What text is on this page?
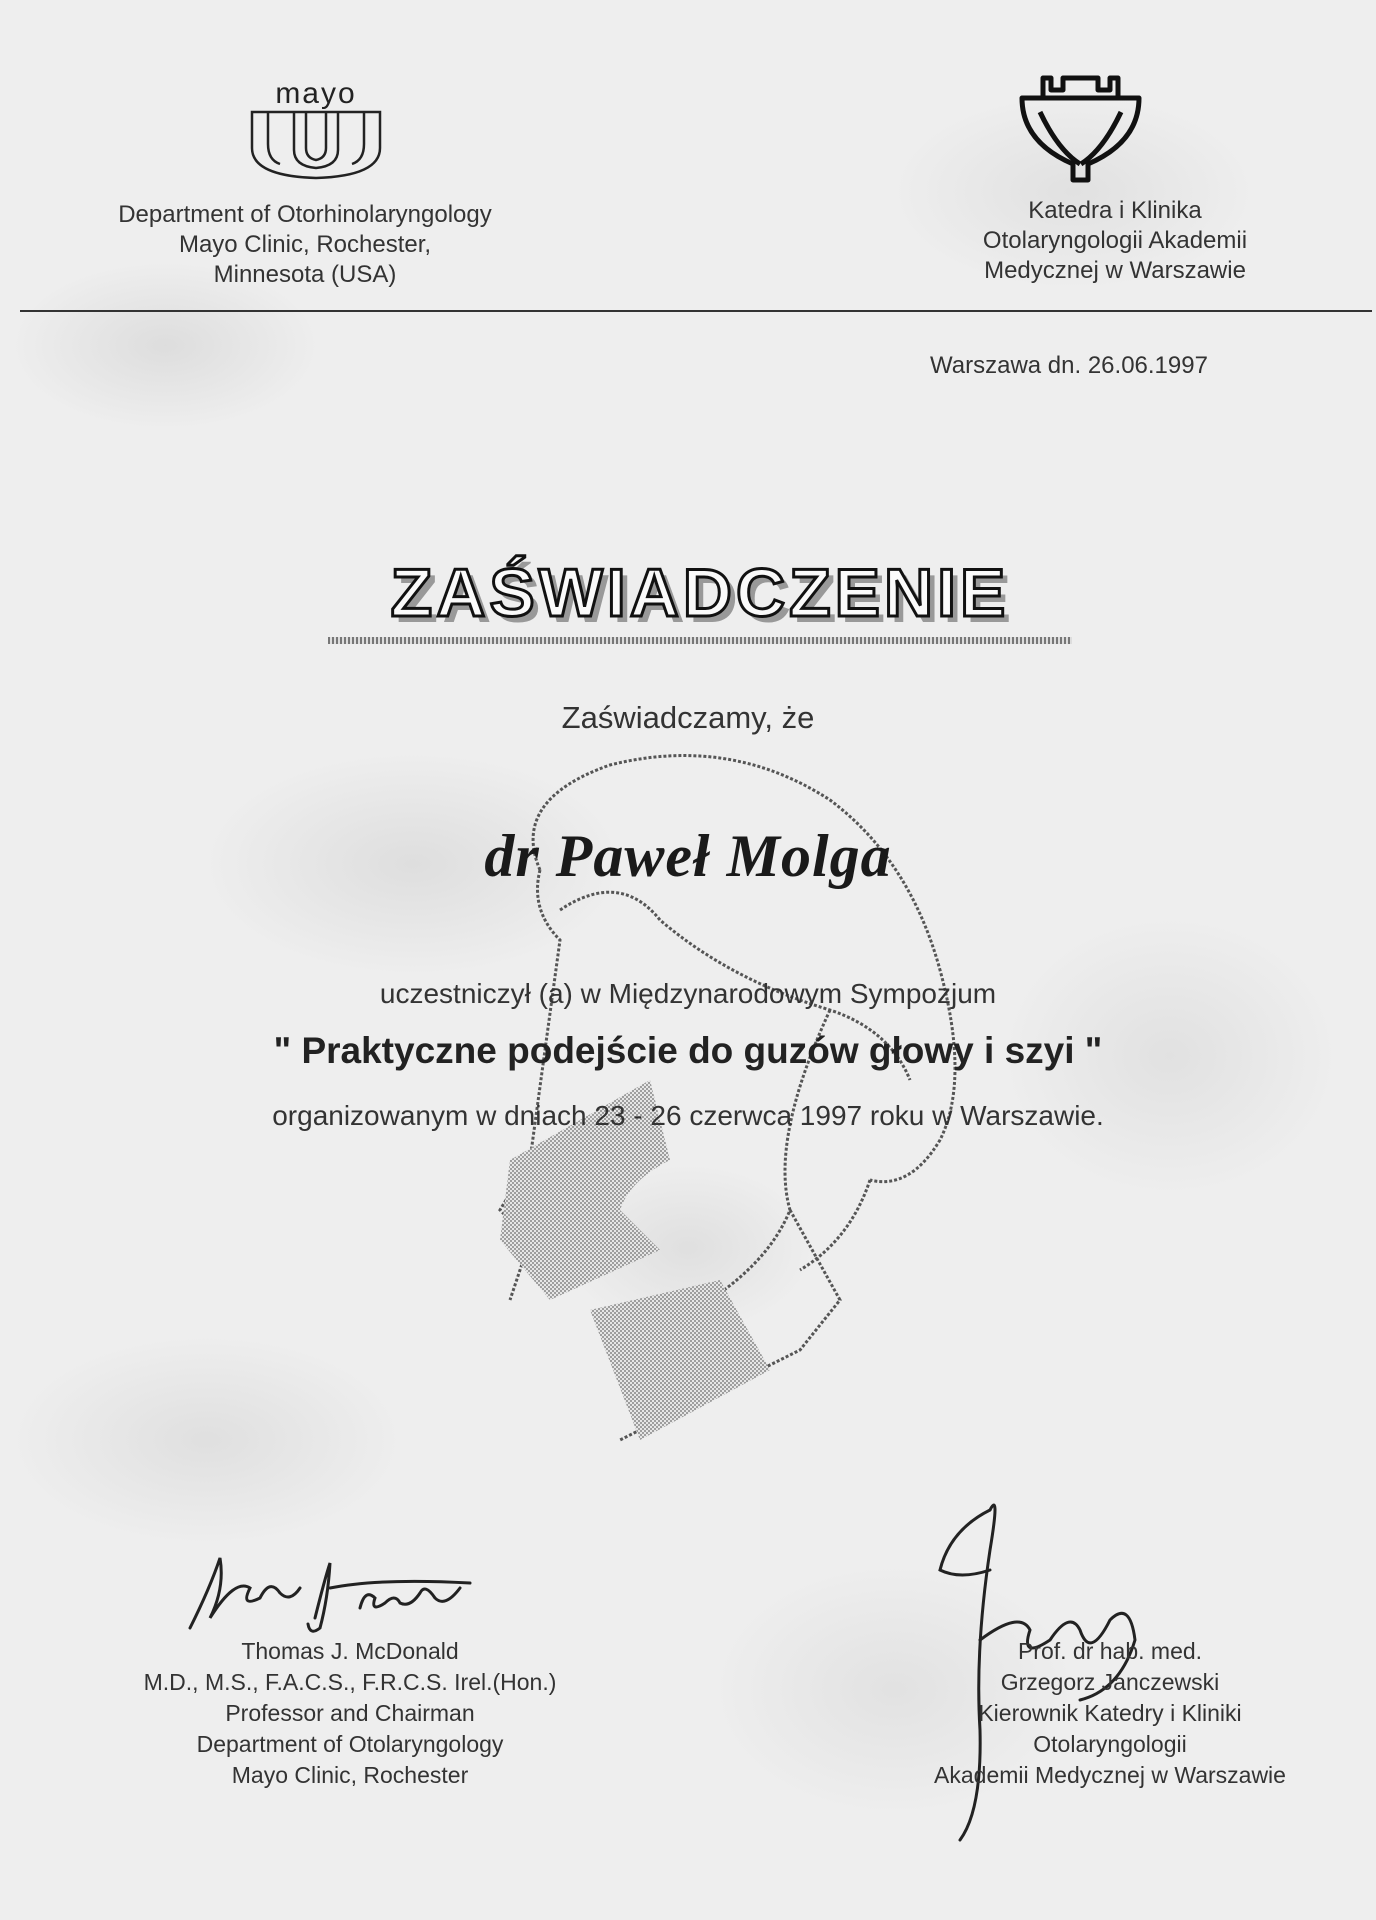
mayo
Department of Otorhinolaryngology
Mayo Clinic, Rochester,
Minnesota (USA)
Katedra i Klinika
Otolaryngologii Akademii
Medycznej w Warszawie
Warszawa dn. 26.06.1997
ZAŚWIADCZENIE
Zaświadczamy, że
dr Paweł Molga
uczestniczył (a) w Międzynarodowym Sympozjum
" Praktyczne podejście do guzów głowy i szyi "
organizowanym w dniach 23 - 26 czerwca 1997 roku w Warszawie.
Thomas J. McDonald
M.D., M.S., F.A.C.S., F.R.C.S. Irel.(Hon.)
Professor and Chairman
Department of Otolaryngology
Mayo Clinic, Rochester
Prof. dr hab. med.
Grzegorz Janczewski
Kierownik Katedry i Kliniki
Otolaryngologii
Akademii Medycznej w Warszawie
